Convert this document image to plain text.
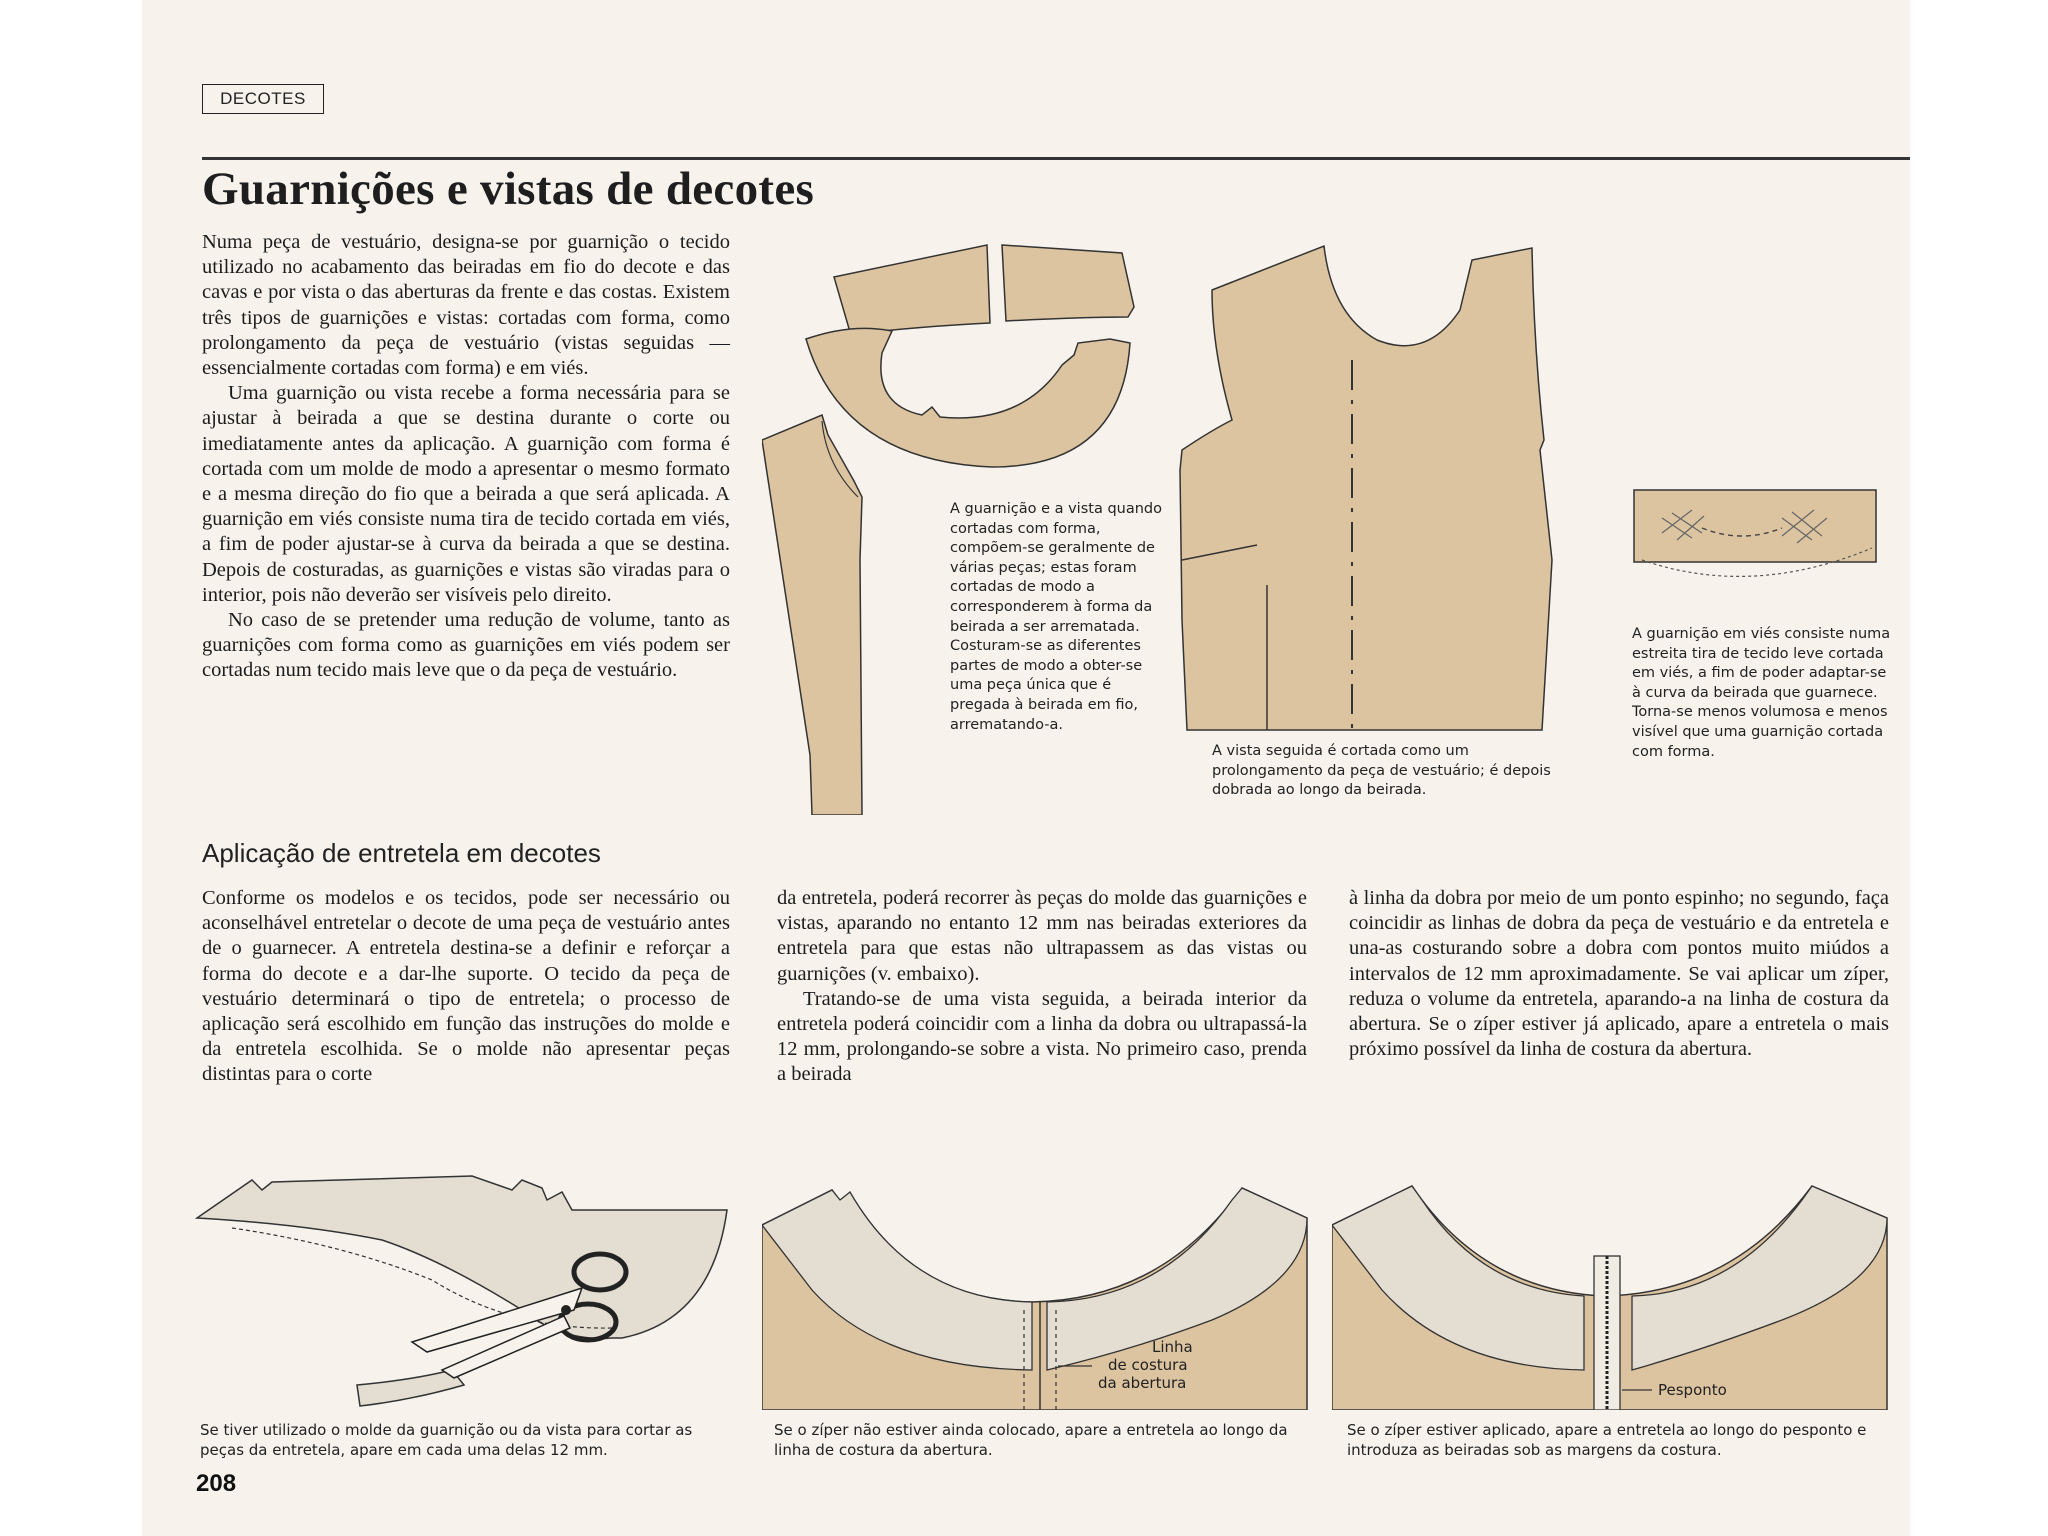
DECOTES
Guarnições e vistas de decotes

Numa peça de vestuário, designa-se por guarnição o tecido utilizado no acabamento das beiradas em fio do decote e das cavas e por vista o das aberturas da frente e das costas. Existem três tipos de guarnições e vistas: cortadas com forma, como prolongamento da peça de vestuário (vistas seguidas — essencialmente cortadas com forma) e em viés.

Uma guarnição ou vista recebe a forma necessária para se ajustar à beirada a que se destina durante o corte ou imediatamente antes da aplicação. A guarnição com forma é cortada com um molde de modo a apresentar o mesmo formato e a mesma direção do fio que a beirada a que será aplicada. A guarnição em viés consiste numa tira de tecido cortada em viés, a fim de poder ajustar-se à curva da beirada a que se destina. Depois de costuradas, as guarnições e vistas são viradas para o interior, pois não deverão ser visíveis pelo direito.

No caso de se pretender uma redução de volume, tanto as guarnições com forma como as guarnições em viés podem ser cortadas num tecido mais leve que o da peça de vestuário.

A guarnição e a vista quando cortadas com forma, compõem-se geralmente de várias peças; estas foram cortadas de modo a corresponderem à forma da beirada a ser arrematada. Costuram-se as diferentes partes de modo a obter-se uma peça única que é pregada à beirada em fio, arrematando-a.
A vista seguida é cortada como um prolongamento da peça de vestuário; é depois dobrada ao longo da beirada.
A guarnição em viés consiste numa estreita tira de tecido leve cortada em viés, a fim de poder adaptar-se à curva da beirada que guarnece. Torna-se menos volumosa e menos visível que uma guarnição cortada com forma.
Aplicação de entretela em decotes
Conforme os modelos e os tecidos, pode ser necessário ou aconselhável entretelar o decote de uma peça de vestuário antes de o guarnecer. A entretela destina-se a definir e reforçar a forma do decote e a dar-lhe suporte. O tecido da peça de vestuário determinará o tipo de entretela; o processo de aplicação será escolhido em função das instruções do molde e da entretela escolhida. Se o molde não apresentar peças distintas para o corte

da entretela, poderá recorrer às peças do molde das guarnições e vistas, aparando no entanto 12 mm nas beiradas exteriores da entretela para que estas não ultrapassem as das vistas ou guarnições (v. embaixo).

Tratando-se de uma vista seguida, a beirada interior da entretela poderá coincidir com a linha da dobra ou ultrapassá-la 12 mm, prolongando-se sobre a vista. No primeiro caso, prenda a beirada

à linha da dobra por meio de um ponto espinho; no segundo, faça coincidir as linhas de dobra da peça de vestuário e da entretela e una-as costurando sobre a dobra com pontos muito miúdos a intervalos de 12 mm aproximadamente. Se vai aplicar um zíper, reduza o volume da entretela, aparando-a na linha de costura da abertura. Se o zíper estiver já aplicado, apare a entretela o mais próximo possível da linha de costura da abertura.
Linha
de costura
da abertura	Pesponto
Se tiver utilizado o molde da guarnição ou da vista para cortar as peças da entretela, apare em cada uma delas 12 mm.
Se o zíper não estiver ainda colocado, apare a entretela ao longo da linha de costura da abertura.
Se o zíper estiver aplicado, apare a entretela ao longo do pesponto e introduza as beiradas sob as margens da costura.
208
